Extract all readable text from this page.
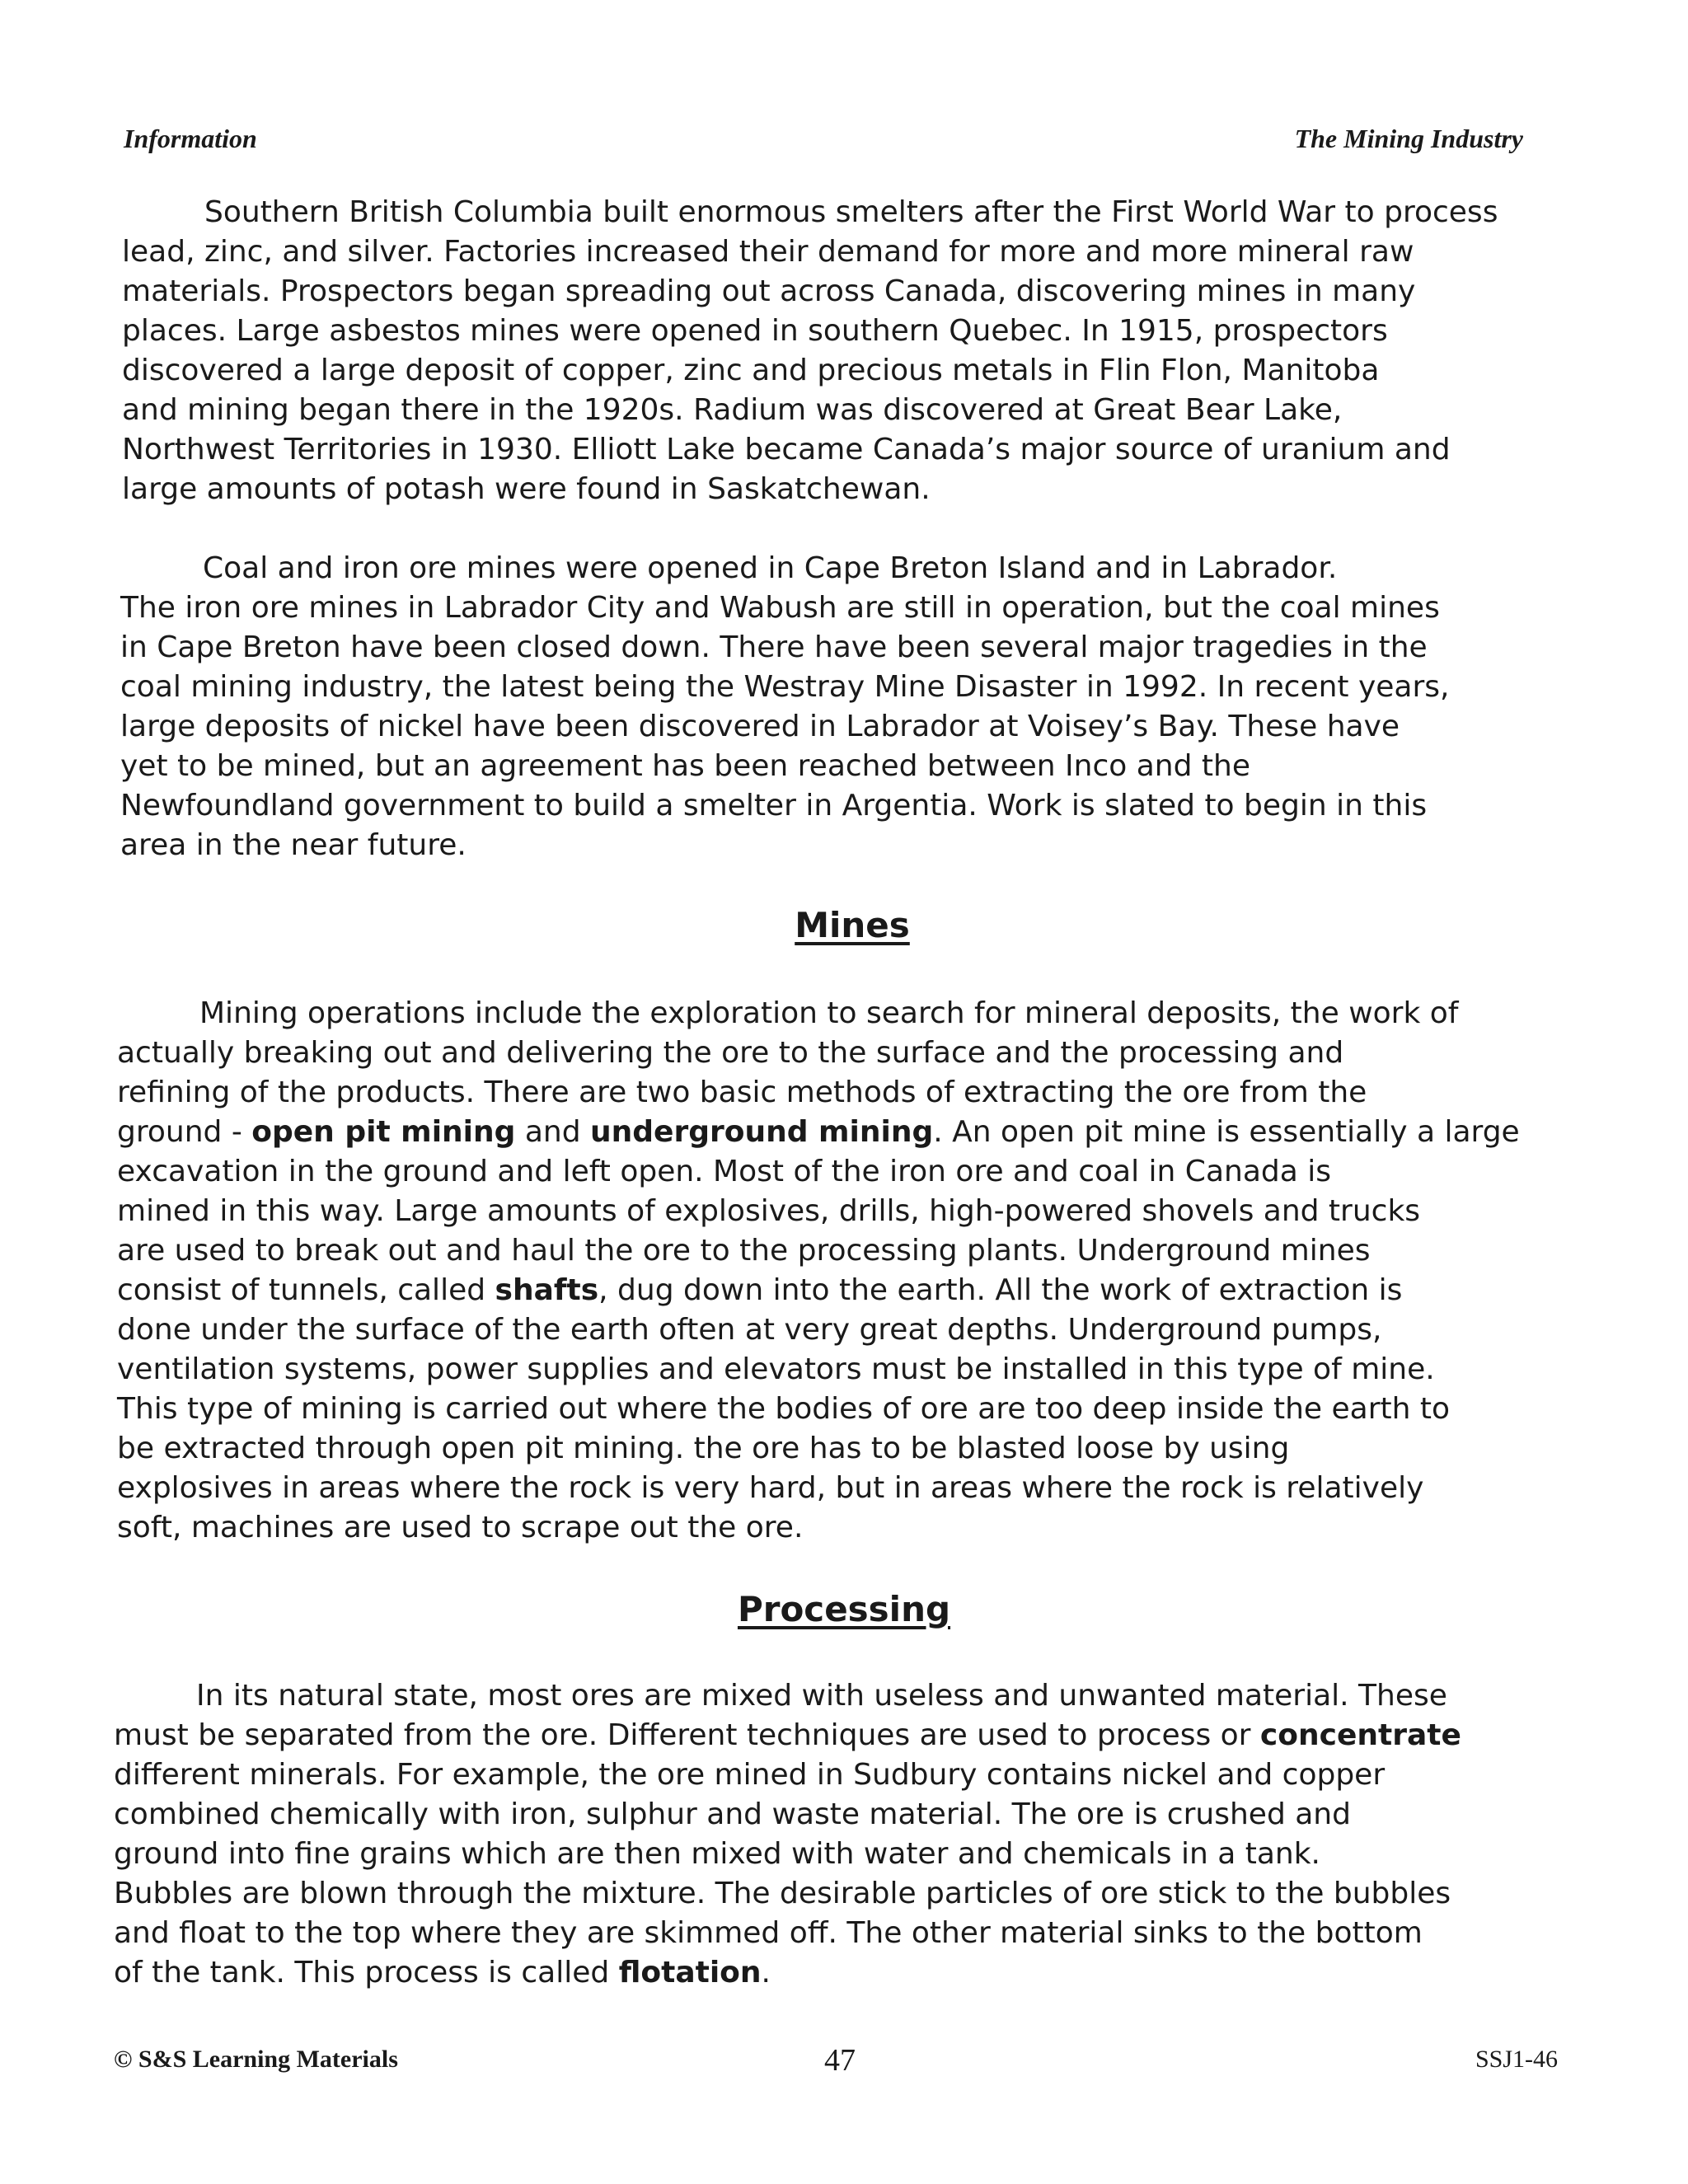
Information	The Mining Industry
Southern British Columbia built enormous smelters after the First World War to process
lead, zinc, and silver. Factories increased their demand for more and more mineral raw
materials. Prospectors began spreading out across Canada, discovering mines in many
places. Large asbestos mines were opened in southern Quebec. In 1915, prospectors
discovered a large deposit of copper, zinc and precious metals in Flin Flon, Manitoba
and mining began there in the 1920s. Radium was discovered at Great Bear Lake,
Northwest Territories in 1930. Elliott Lake became Canada’s major source of uranium and
large amounts of potash were found in Saskatchewan.
Coal and iron ore mines were opened in Cape Breton Island and in Labrador.
The iron ore mines in Labrador City and Wabush are still in operation, but the coal mines
in Cape Breton have been closed down. There have been several major tragedies in the
coal mining industry, the latest being the Westray Mine Disaster in 1992. In recent years,
large deposits of nickel have been discovered in Labrador at Voisey’s Bay. These have
yet to be mined, but an agreement has been reached between Inco and the
Newfoundland government to build a smelter in Argentia. Work is slated to begin in this
area in the near future.
Mines
Mining operations include the exploration to search for mineral deposits, the work of
actually breaking out and delivering the ore to the surface and the processing and
refining of the products. There are two basic methods of extracting the ore from the
ground - open pit mining and underground mining. An open pit mine is essentially a large
excavation in the ground and left open. Most of the iron ore and coal in Canada is
mined in this way. Large amounts of explosives, drills, high-powered shovels and trucks
are used to break out and haul the ore to the processing plants. Underground mines
consist of tunnels, called shafts, dug down into the earth. All the work of extraction is
done under the surface of the earth often at very great depths. Underground pumps,
ventilation systems, power supplies and elevators must be installed in this type of mine.
This type of mining is carried out where the bodies of ore are too deep inside the earth to
be extracted through open pit mining. the ore has to be blasted loose by using
explosives in areas where the rock is very hard, but in areas where the rock is relatively
soft, machines are used to scrape out the ore.
Processing
In its natural state, most ores are mixed with useless and unwanted material. These
must be separated from the ore. Different techniques are used to process or concentrate
different minerals. For example, the ore mined in Sudbury contains nickel and copper
combined chemically with iron, sulphur and waste material. The ore is crushed and
ground into fine grains which are then mixed with water and chemicals in a tank.
Bubbles are blown through the mixture. The desirable particles of ore stick to the bubbles
and float to the top where they are skimmed off. The other material sinks to the bottom
of the tank. This process is called flotation.
© S&S Learning Materials	47	SSJ1-46
